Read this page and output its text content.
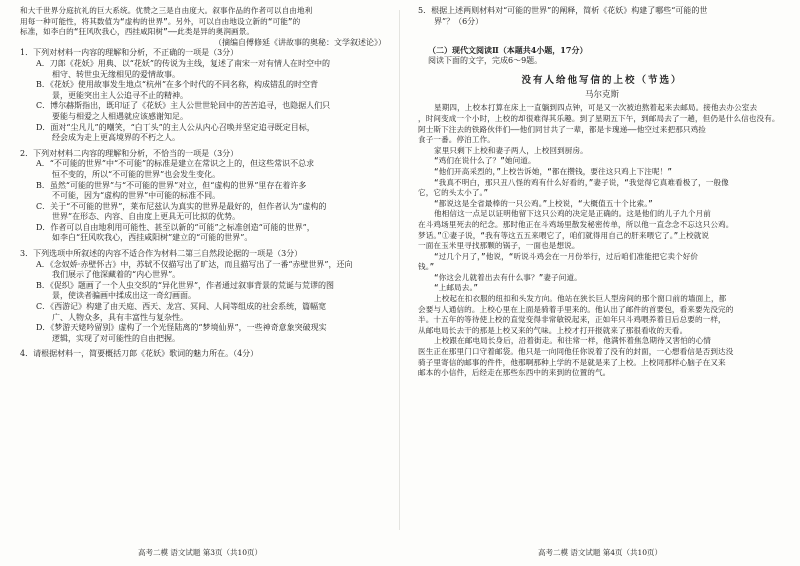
和大千世界分庭抗礼的巨大系统。优赞之三是自由度大。叙事作品的作者可以自由地利
用每一种可能性，将其数值为“虚构的世界”。另外，可以自由地设立新的“可能”的
标准，如李白的“狂风吹我心，西挂咸阳树”——此类是异的奥润画景。
（摘编自傅修延《讲故事的奥秘：文学叙述论》）
1．下列对材料一内容的理解和分析，不正确的一项是（3分）
A．刀郎《花妖》用典、以“花妖”的传说为主线，复述了南宋一对有情人在时空中的
　　相守、转世虫无缘相见的爱情故事。
B．《花妖》使用故事发生地点“杭州”在多个时代的不同名称，构成错乱的时空背
　　景，更能突出主人公追寻不止的精神。
C．博尔赫斯指出，既印证了《花妖》主人公世世轮回中的苦苦追寻，也隐据人们只
　　要能与相爱之人相遇就应该感谢知足。
D．面对“尘凡儿”的嘲笑，“白丁头”的主人公从内心召唤并坚定追寻既定目标，
　　经会成为走上更高境界的不朽之人。
2．下列对材料二内容的理解和分析，不恰当的一项是（3分）
A．“不可能的世界”中“不可能”的标准是建立在常识之上的，但这些常识不总求
　　恒不变的，所以“不可能的世界”也会发生变化。
B．虽然“可能的世界”与“不可能的世界”对立，但“虚构的世界”里存在着许多
　　不可能，因为“虚构的世界”中可能的标准不同。
C．关于“不可能的世界”，莱布尼兹认为真实的世界是最好的，但作者认为“虚构的
　　世界”在形态、内容、自由度上更具无可比拟的优势。
D．作者可以自由地利用可能性、甚至以新的“可能”之标准创造“可能的世界”，
　　如李白“狂风吹我心，西挂咸阳树”建立的“可能的世界”。
3．下列选项中所叙述的内容不适合作为材料二第三自然段论据的一项是（3分）
A．《念奴娇·赤壁怀古》中，苏轼不仅描写出了旷达，而且描写出了一番“赤壁世界”，还向
　　我们展示了他深藏着的“内心世界”。
B．《促织》题画了一个人虫交织的“异化世界”，作者通过叙事背景的荒诞与荒谬的图
　　景，使读者骗画中揉成出这一奇幻画面。
C．《西游记》构建了由天庭、西天、龙宫、冥间、人间等组成的社会系统，篇幅宽
　　广、人物众多，具有丰富性与复杂性。
D．《梦游天姥吟留别》虚构了一个光怪陆离的“梦境仙界”，一些神奇意象突破现实
　　逻辑，实现了对可能性的自由把握。
4．请根据材料一，简要概括刀郎《花妖》歌词的魅力所在。（4分）
高考二模 语文试题 第3页（共10页）
5．根据上述两则材料对“可能的世界”的阐释，简析《花妖》构建了哪些“可能的世
　　界”？（6分）
（二）现代文阅读Ⅱ（本题共4小题，17分）
阅读下面的文字，完成6～9题。
没有人给他写信的上校（节选）
马尔克斯
星期四，上校本打算在床上一直躺到四点钟，可是又一次被迫熬着起来去邮局。接他去办公室去
，时间变成一个小时，上校的却很难得其乐趣。到了星期五下午，到邮局去了一趟，但仍是什么信也没有。
阿士斯下注去的铁路伙伴们——他们同甘共了一辈，都是卡瑰递——他空过来把那只鸡捡
食子一番。停泊工作。
家里只剩下上校和妻子两人，上校回到厨房。
“鸡们在说什么了？”她问道。
“他们开高采烈的，”上校告诉她，“都在攒钱，要往这只鸡上下注呢！”
“我真不明白，那只丑八怪的鸡有什么好看的，”妻子说，“我觉得它真难看极了，一般像
它，它的头太小了。”
“都说这是全省最棒的一只公鸡。”上校说，“大概值五十个比索。”
他相信这一点足以证明他留下这只公鸡的决定是正确的。这是他们的儿子九个月前
在斗鸡场里死去的纪念。那时他正在斗鸡场里散发秘密传单，所以他一直念念不忘这只公鸡。
梦话。”①妻子说，“我有等这五五来喂它了，咱们就得用自己的肝来喂它了。”上校就说
一面在玉米里寻找那颗的锅子，一面也是想说。
“过几个月了，”他说，“听说斗鸡会在一月份举行，过后咱们准能把它卖个好价
钱。”
“你这会儿就着出去有什么事？”妻子问道。
“上邮局去。”
上校起在扣衣服的纽扣和头发方向。他站在狭长巨人型房间的那个窗口前的墙面上，都
会要与人通信的。上校心里在上面是骑着手里来的。他认出了邮件的首要包，看来要先没完的
半。十五年的等待使上校的直觉变得非常敏锐起来，正如年只斗鸡喂养着日后总要的一样，
从邮电局长去干的那是上校又来的气味。上校才打开报就来了那很看收的天看。
上校跟在邮电局长身后，沿着街走。和往常一样，他满怀着焦急期待又害怕的心情
医生正在那里门口守着邮袋。他只是一向同他任你说着了没有的封面，一心想看信是否到达没
骑子里寄信的邮事的件件，他那啊那种上学的不是就是来了上校。上校同那样心脑子在又来
邮本的小信件，后经走在那些东西中的来到的位置的气。
高考二模 语文试题 第4页（共10页）
